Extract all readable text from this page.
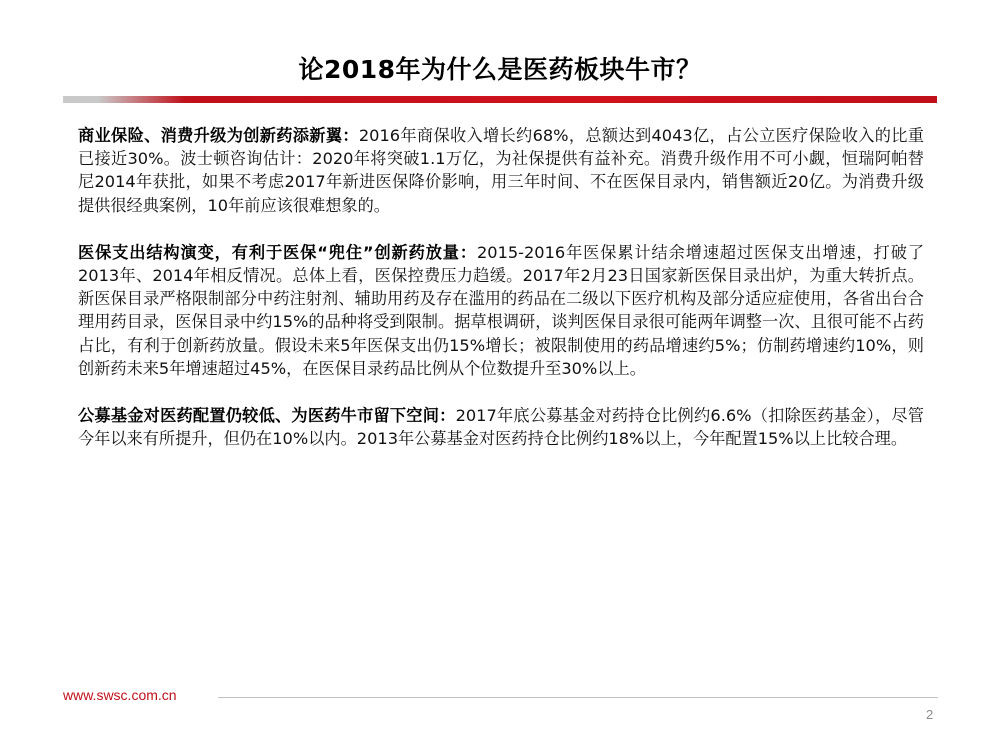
论2018年为什么是医药板块牛市？

商业保险、消费升级为创新药添新翼：2016年商保收入增长约68%，总额达到4043亿，占公立医疗保险收入的比重已接近30%。波士顿咨询估计：2020年将突破1.1万亿，为社保提供有益补充。消费升级作用不可小觑，恒瑞阿帕替尼2014年获批，如果不考虑2017年新进医保降价影响，用三年时间、不在医保目录内，销售额近20亿。为消费升级提供很经典案例，10年前应该很难想象的。

医保支出结构演变，有利于医保“兜住”创新药放量：2015-2016年医保累计结余增速超过医保支出增速，打破了2013年、2014年相反情况。总体上看，医保控费压力趋缓。2017年2月23日国家新医保目录出炉，为重大转折点。新医保目录严格限制部分中药注射剂、辅助用药及存在滥用的药品在二级以下医疗机构及部分适应症使用，各省出台合理用药目录，医保目录中约15%的品种将受到限制。据草根调研，谈判医保目录很可能两年调整一次、且很可能不占药占比，有利于创新药放量。假设未来5年医保支出仍15%增长；被限制使用的药品增速约5%；仿制药增速约10%，则创新药未来5年增速超过45%，在医保目录药品比例从个位数提升至30%以上。

公募基金对医药配置仍较低、为医药牛市留下空间：2017年底公募基金对药持仓比例约6.6%（扣除医药基金），尽管今年以来有所提升，但仍在10%以内。2013年公募基金对医药持仓比例约18%以上，今年配置15%以上比较合理。

www.swsc.com.cn
2
